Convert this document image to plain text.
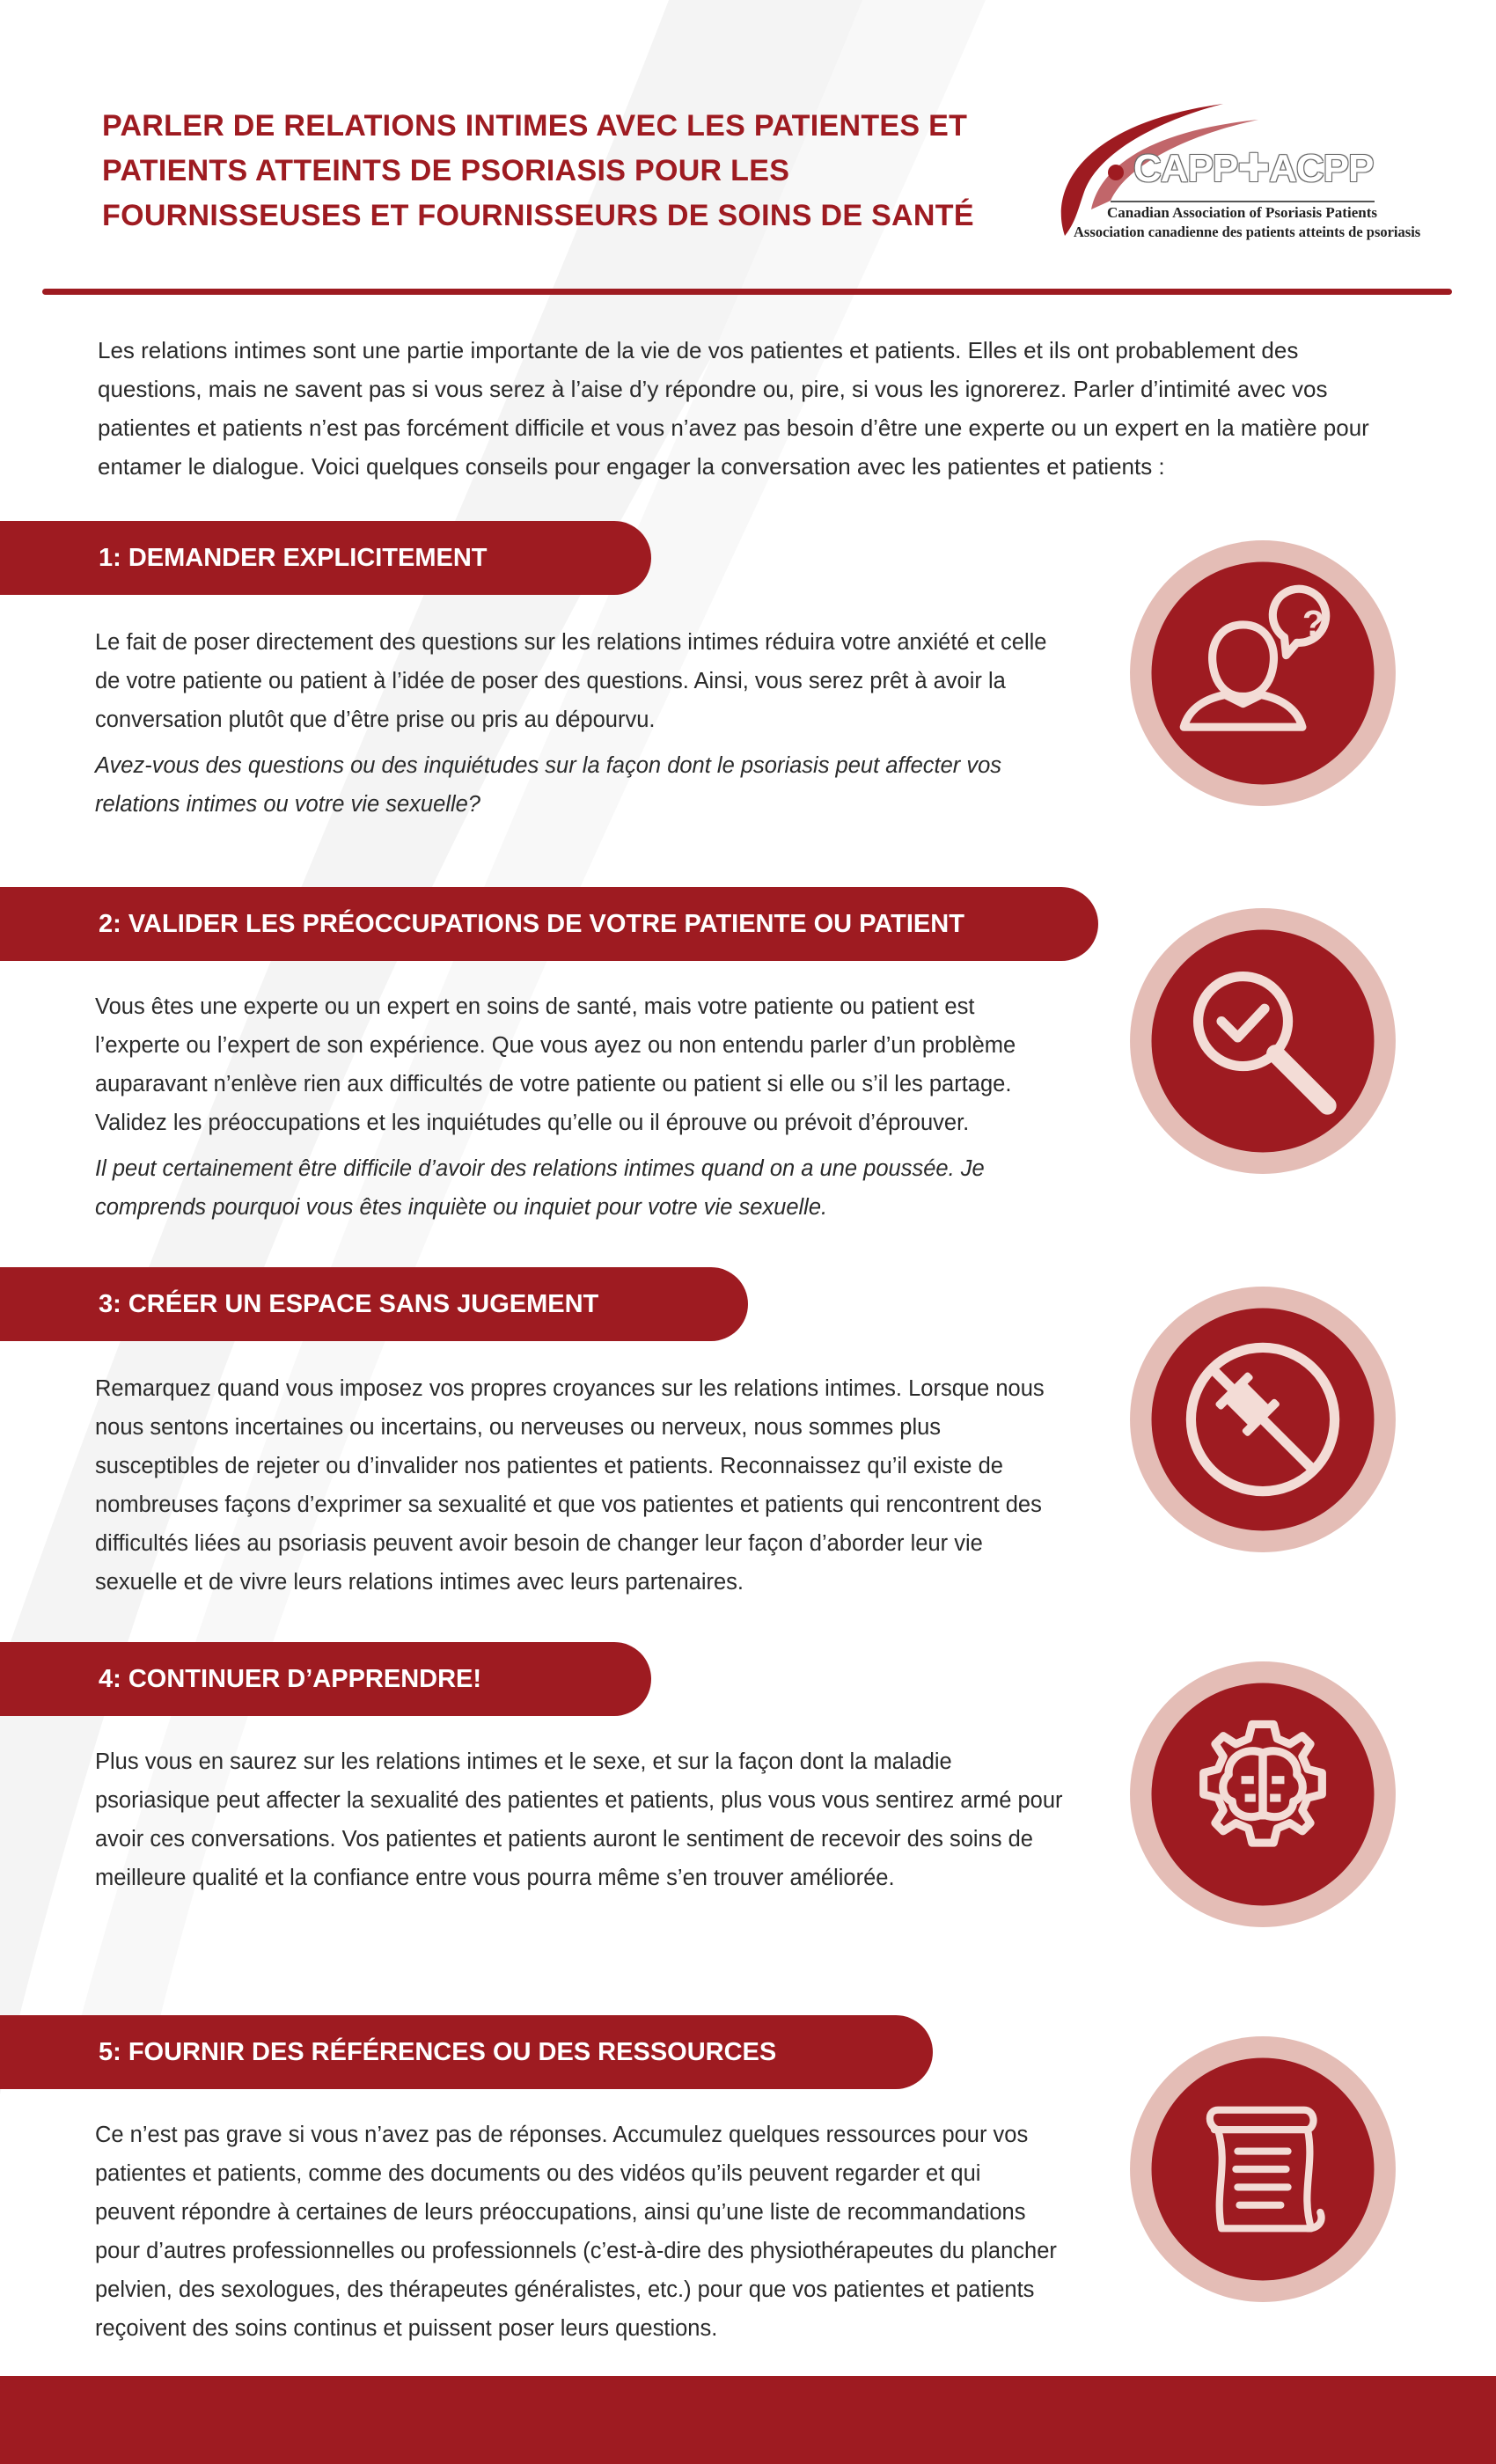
PARLER DE RELATIONS INTIMES AVEC LES PATIENTES ET PATIENTS ATTEINTS DE PSORIASIS POUR LES FOURNISSEUSES ET FOURNISSEURS DE SOINS DE SANTÉ
CAPP✚ACPP
Canadian Association of Psoriasis Patients
Association canadienne des patients atteints de psoriasis

Les relations intimes sont une partie importante de la vie de vos patientes et patients. Elles et ils ont probablement des questions, mais ne savent pas si vous serez à l’aise d’y répondre ou, pire, si vous les ignorerez. Parler d’intimité avec vos patientes et patients n’est pas forcément difficile et vous n’avez pas besoin d’être une experte ou un expert en la matière pour entamer le dialogue. Voici quelques conseils pour engager la conversation avec les patientes et patients :

1: DEMANDER EXPLICITEMENT

Le fait de poser directement des questions sur les relations intimes réduira votre anxiété et celle de votre patiente ou patient à l’idée de poser des questions. Ainsi, vous serez prêt à avoir la conversation plutôt que d’être prise ou pris au dépourvu.

Avez-vous des questions ou des inquiétudes sur la façon dont le psoriasis peut affecter vos relations intimes ou votre vie sexuelle?

?
2: VALIDER LES PRÉOCCUPATIONS DE VOTRE PATIENTE OU PATIENT

Vous êtes une experte ou un expert en soins de santé, mais votre patiente ou patient est l’experte ou l’expert de son expérience. Que vous ayez ou non entendu parler d’un problème auparavant n’enlève rien aux difficultés de votre patiente ou patient si elle ou s’il les partage. Validez les préoccupations et les inquiétudes qu’elle ou il éprouve ou prévoit d’éprouver.

Il peut certainement être difficile d’avoir des relations intimes quand on a une poussée. Je comprends pourquoi vous êtes inquiète ou inquiet pour votre vie sexuelle.

3: CRÉER UN ESPACE SANS JUGEMENT

Remarquez quand vous imposez vos propres croyances sur les relations intimes. Lorsque nous nous sentons incertaines ou incertains, ou nerveuses ou nerveux, nous sommes plus susceptibles de rejeter ou d’invalider nos patientes et patients. Reconnaissez qu’il existe de nombreuses façons d’exprimer sa sexualité et que vos patientes et patients qui rencontrent des difficultés liées au psoriasis peuvent avoir besoin de changer leur façon d’aborder leur vie sexuelle et de vivre leurs relations intimes avec leurs partenaires.

4: CONTINUER D’APPRENDRE!

Plus vous en saurez sur les relations intimes et le sexe, et sur la façon dont la maladie psoriasique peut affecter la sexualité des patientes et patients, plus vous vous sentirez armé pour avoir ces conversations. Vos patientes et patients auront le sentiment de recevoir des soins de meilleure qualité et la confiance entre vous pourra même s’en trouver améliorée.

5: FOURNIR DES RÉFÉRENCES OU DES RESSOURCES

Ce n’est pas grave si vous n’avez pas de réponses. Accumulez quelques ressources pour vos patientes et patients, comme des documents ou des vidéos qu’ils peuvent regarder et qui peuvent répondre à certaines de leurs préoccupations, ainsi qu’une liste de recommandations pour d’autres professionnelles ou professionnels (c’est-à-dire des physiothérapeutes du plancher pelvien, des sexologues, des thérapeutes généralistes, etc.) pour que vos patientes et patients reçoivent des soins continus et puissent poser leurs questions.
